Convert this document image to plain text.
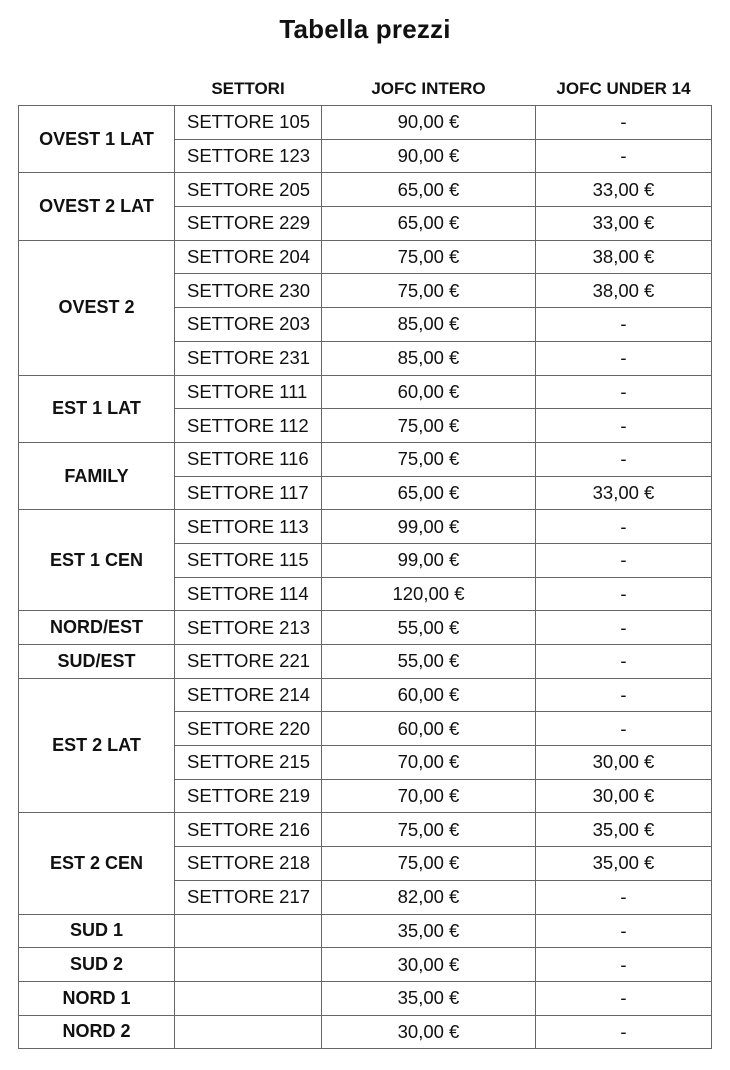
Tabella prezzi
	SETTORI	JOFC INTERO	JOFC UNDER 14
OVEST 1 LAT	SETTORE 105	90,00 €	-
	SETTORE 123	90,00 €	-
OVEST 2 LAT	SETTORE 205	65,00 €	33,00 €
	SETTORE 229	65,00 €	33,00 €
OVEST 2	SETTORE 204	75,00 €	38,00 €
	SETTORE 230	75,00 €	38,00 €
	SETTORE 203	85,00 €	-
	SETTORE 231	85,00 €	-
EST 1 LAT	SETTORE 111	60,00 €	-
	SETTORE 112	75,00 €	-
FAMILY	SETTORE 116	75,00 €	-
	SETTORE 117	65,00 €	33,00 €
EST 1 CEN	SETTORE 113	99,00 €	-
	SETTORE 115	99,00 €	-
	SETTORE 114	120,00 €	-
NORD/EST	SETTORE 213	55,00 €	-
SUD/EST	SETTORE 221	55,00 €	-
EST 2 LAT	SETTORE 214	60,00 €	-
	SETTORE 220	60,00 €	-
	SETTORE 215	70,00 €	30,00 €
	SETTORE 219	70,00 €	30,00 €
EST 2 CEN	SETTORE 216	75,00 €	35,00 €
	SETTORE 218	75,00 €	35,00 €
	SETTORE 217	82,00 €	-
SUD 1		35,00 €	-
SUD 2		30,00 €	-
NORD 1		35,00 €	-
NORD 2		30,00 €	-
